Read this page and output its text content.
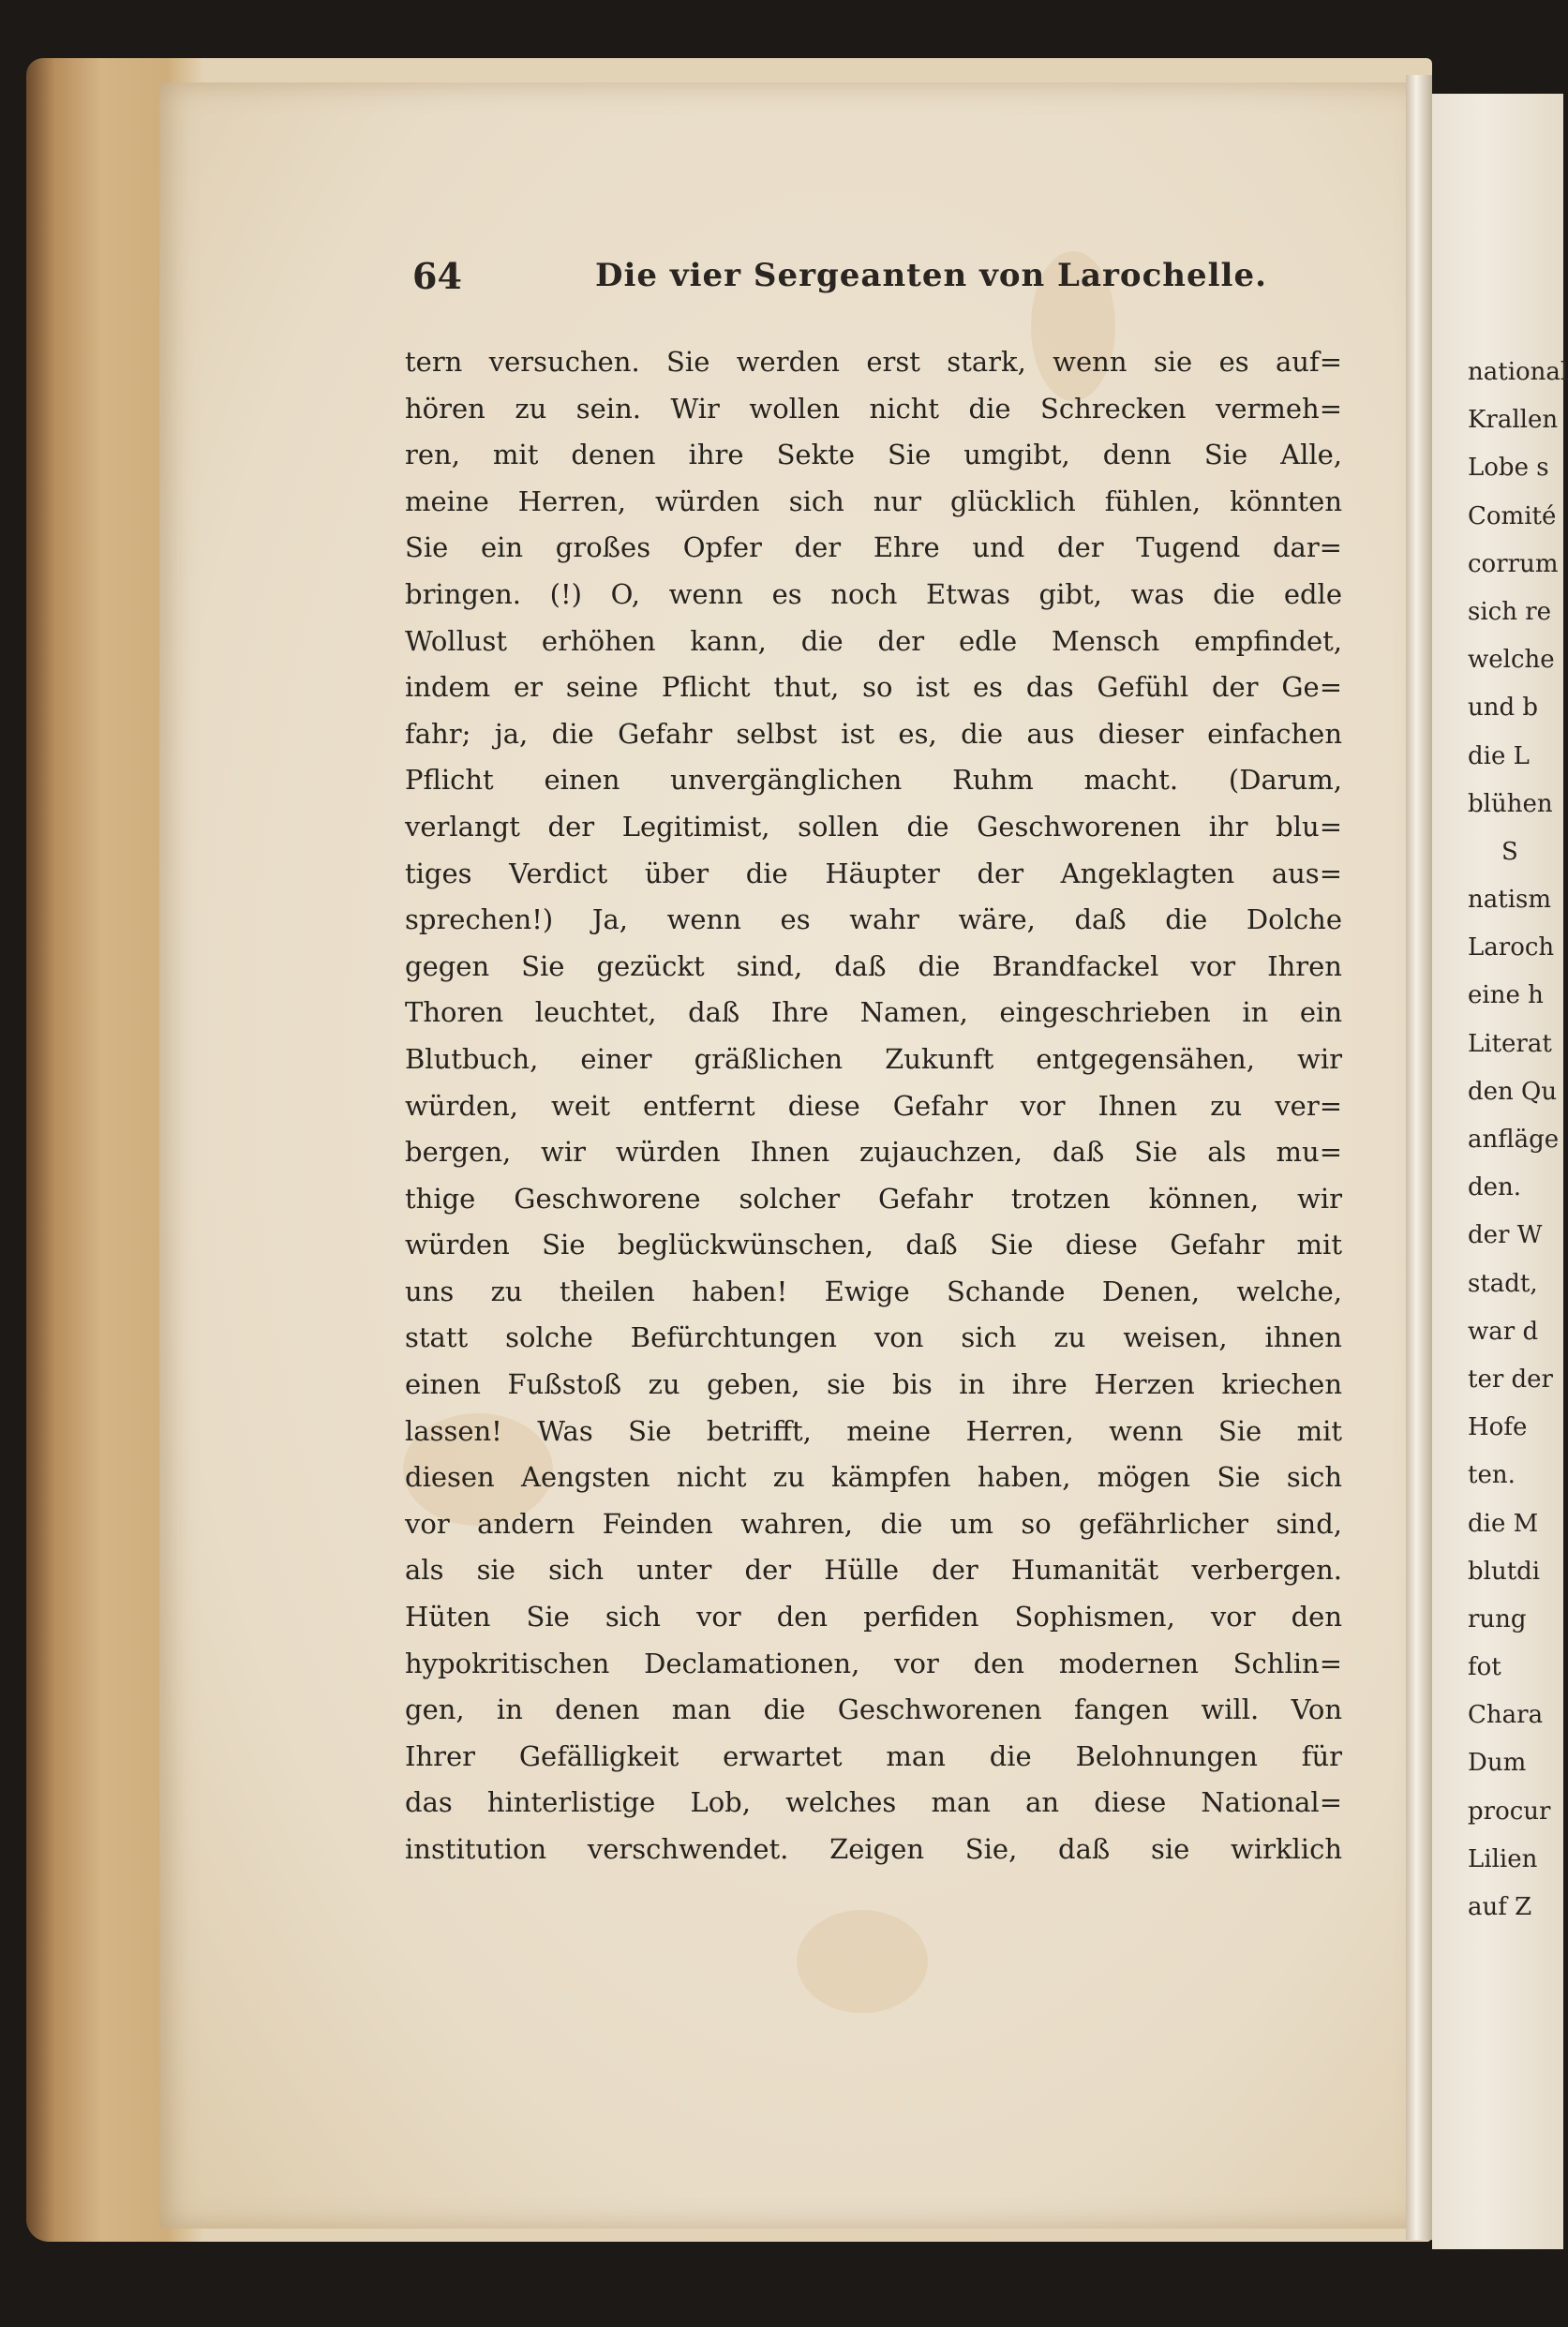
64	Die vier Sergeanten von Larochelle.
tern versuchen. Sie werden erst stark, wenn sie es auf=
hören zu sein. Wir wollen nicht die Schrecken vermeh=
ren, mit denen ihre Sekte Sie umgibt, denn Sie Alle,
meine Herren, würden sich nur glücklich fühlen, könnten
Sie ein großes Opfer der Ehre und der Tugend dar=
bringen. (!) O, wenn es noch Etwas gibt, was die edle
Wollust erhöhen kann, die der edle Mensch empfindet,
indem er seine Pflicht thut, so ist es das Gefühl der Ge=
fahr; ja, die Gefahr selbst ist es, die aus dieser einfachen
Pflicht einen unvergänglichen Ruhm macht. (Darum,
verlangt der Legitimist, sollen die Geschworenen ihr blu=
tiges Verdict über die Häupter der Angeklagten aus=
sprechen!) Ja, wenn es wahr wäre, daß die Dolche
gegen Sie gezückt sind, daß die Brandfackel vor Ihren
Thoren leuchtet, daß Ihre Namen, eingeschrieben in ein
Blutbuch, einer gräßlichen Zukunft entgegensähen, wir
würden, weit entfernt diese Gefahr vor Ihnen zu ver=
bergen, wir würden Ihnen zujauchzen, daß Sie als mu=
thige Geschworene solcher Gefahr trotzen können, wir
würden Sie beglückwünschen, daß Sie diese Gefahr mit
uns zu theilen haben! Ewige Schande Denen, welche,
statt solche Befürchtungen von sich zu weisen, ihnen
einen Fußstoß zu geben, sie bis in ihre Herzen kriechen
lassen! Was Sie betrifft, meine Herren, wenn Sie mit
diesen Aengsten nicht zu kämpfen haben, mögen Sie sich
vor andern Feinden wahren, die um so gefährlicher sind,
als sie sich unter der Hülle der Humanität verbergen.
Hüten Sie sich vor den perfiden Sophismen, vor den
hypokritischen Declamationen, vor den modernen Schlin=
gen, in denen man die Geschworenen fangen will. Von
Ihrer Gefälligkeit erwartet man die Belohnungen für
das hinterlistige Lob, welches man an diese National=
institution verschwendet. Zeigen Sie, daß sie wirklich
national
Krallen
Lobe s
Comité
corrum
sich re
welche
und b
die L
blühen
S
natism
Laroch
eine h
Literat
den Qu
anfläge
den.
der W
stadt,
war d
ter der
Hofe
ten.
die M
blutdi
rung
fot
Chara
Dum
procur
Lilien
auf Z
